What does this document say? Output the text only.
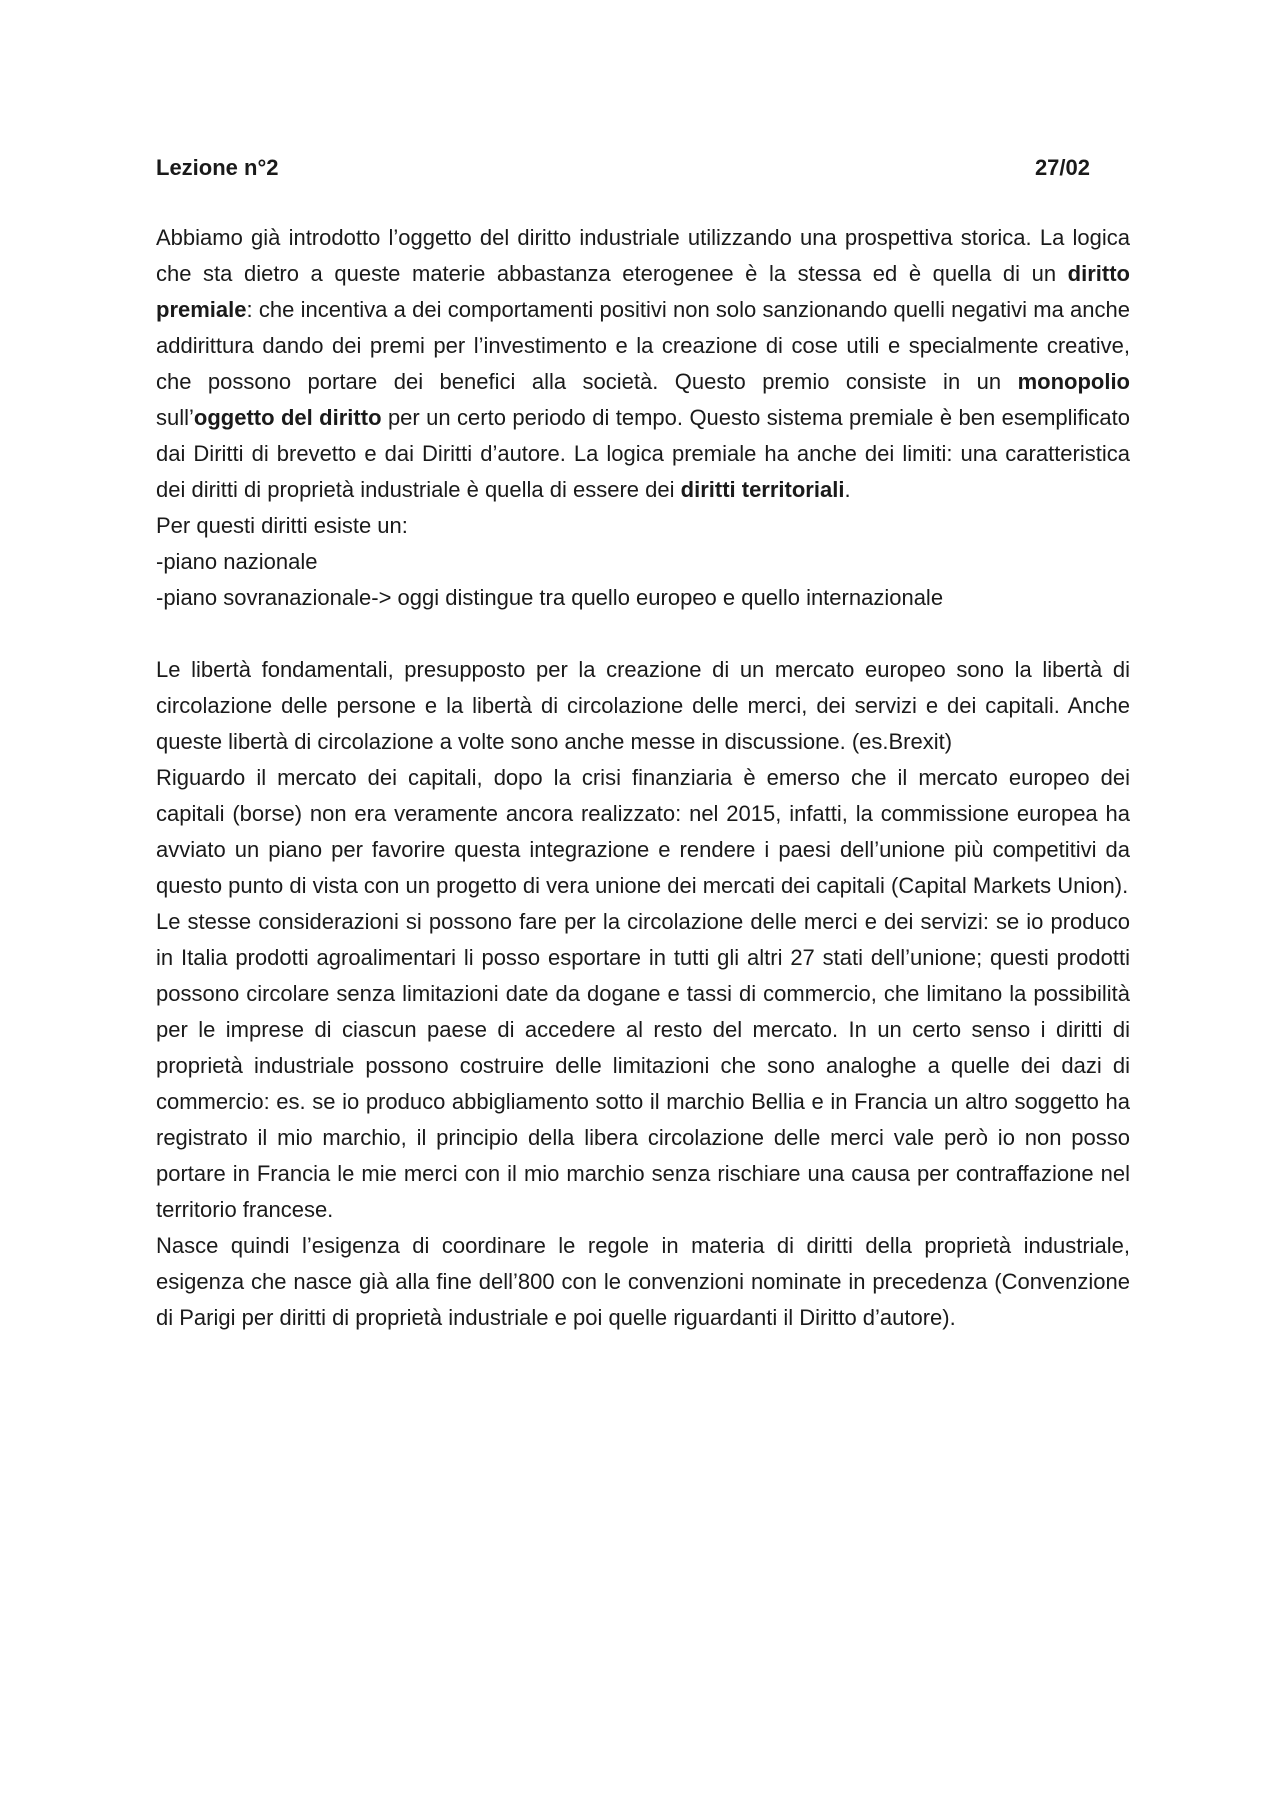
Lezione n°2	27/02

Abbiamo già introdotto l’oggetto del diritto industriale utilizzando una prospettiva storica. La logica che sta dietro a queste materie abbastanza eterogenee è la stessa ed è quella di un diritto premiale: che incentiva a dei comportamenti positivi non solo sanzionando quelli negativi ma anche addirittura dando dei premi per l’investimento e la creazione di cose utili e specialmente creative, che possono portare dei benefici alla società. Questo premio consiste in un monopolio sull’oggetto del diritto per un certo periodo di tempo. Questo sistema premiale è ben esemplificato dai Diritti di brevetto e dai Diritti d’autore. La logica premiale ha anche dei limiti: una caratteristica dei diritti di proprietà industriale è quella di essere dei diritti territoriali.

Per questi diritti esiste un:

-piano nazionale

-piano sovranazionale-> oggi distingue tra quello europeo e quello internazionale

Le libertà fondamentali, presupposto per la creazione di un mercato europeo sono la libertà di circolazione delle persone e la libertà di circolazione delle merci, dei servizi e dei capitali. Anche queste libertà di circolazione a volte sono anche messe in discussione. (es.Brexit)

Riguardo il mercato dei capitali, dopo la crisi finanziaria è emerso che il mercato europeo dei capitali (borse) non era veramente ancora realizzato: nel 2015, infatti, la commissione europea ha avviato un piano per favorire questa integrazione e rendere i paesi dell’unione più competitivi da questo punto di vista con un progetto di vera unione dei mercati dei capitali (Capital Markets Union).

Le stesse considerazioni si possono fare per la circolazione delle merci e dei servizi: se io produco in Italia prodotti agroalimentari li posso esportare in tutti gli altri 27 stati dell’unione; questi prodotti possono circolare senza limitazioni date da dogane e tassi di commercio, che limitano la possibilità per le imprese di ciascun paese di accedere al resto del mercato. In un certo senso i diritti di proprietà industriale possono costruire delle limitazioni che sono analoghe a quelle dei dazi di commercio: es. se io produco abbigliamento sotto il marchio Bellia e in Francia un altro soggetto ha registrato il mio marchio, il principio della libera circolazione delle merci vale però io non posso portare in Francia le mie merci con il mio marchio senza rischiare una causa per contraffazione nel territorio francese.

Nasce quindi l’esigenza di coordinare le regole in materia di diritti della proprietà industriale, esigenza che nasce già alla fine dell’800 con le convenzioni nominate in precedenza (Convenzione di Parigi per diritti di proprietà industriale e poi quelle riguardanti il Diritto d’autore).
